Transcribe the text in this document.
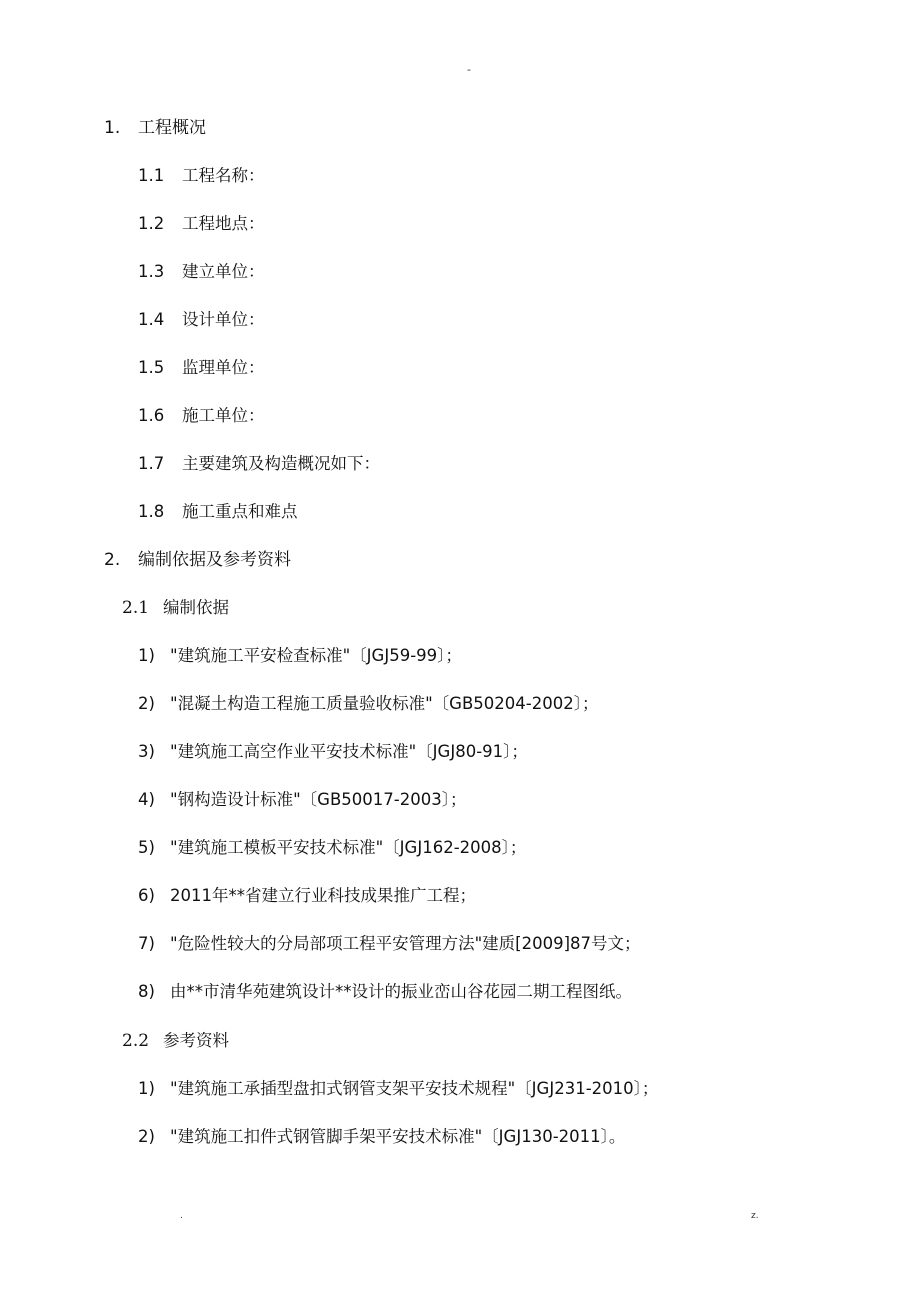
-
1. 工程概况
1.1 工程名称：
1.2 工程地点：
1.3 建立单位：
1.4 设计单位：
1.5 监理单位：
1.6 施工单位：
1.7 主要建筑及构造概况如下：
1.8 施工重点和难点
2. 编制依据及参考资料
2.1 编制依据
1) "建筑施工平安检查标准"〔JGJ59-99〕；
2) "混凝土构造工程施工质量验收标准"〔GB50204-2002〕；
3) "建筑施工高空作业平安技术标准"〔JGJ80-91〕；
4) "钢构造设计标准"〔GB50017-2003〕；
5) "建筑施工模板平安技术标准"〔JGJ162-2008〕；
6) 2011年**省建立行业科技成果推广工程；
7) "危险性较大的分局部项工程平安管理方法"建质[2009]87号文；
8) 由**市清华苑建筑设计**设计的振业峦山谷花园二期工程图纸。
2.2 参考资料
1) "建筑施工承插型盘扣式钢管支架平安技术规程"〔JGJ231-2010〕；
2) "建筑施工扣件式钢管脚手架平安技术标准"〔JGJ130-2011〕。
.	z.
